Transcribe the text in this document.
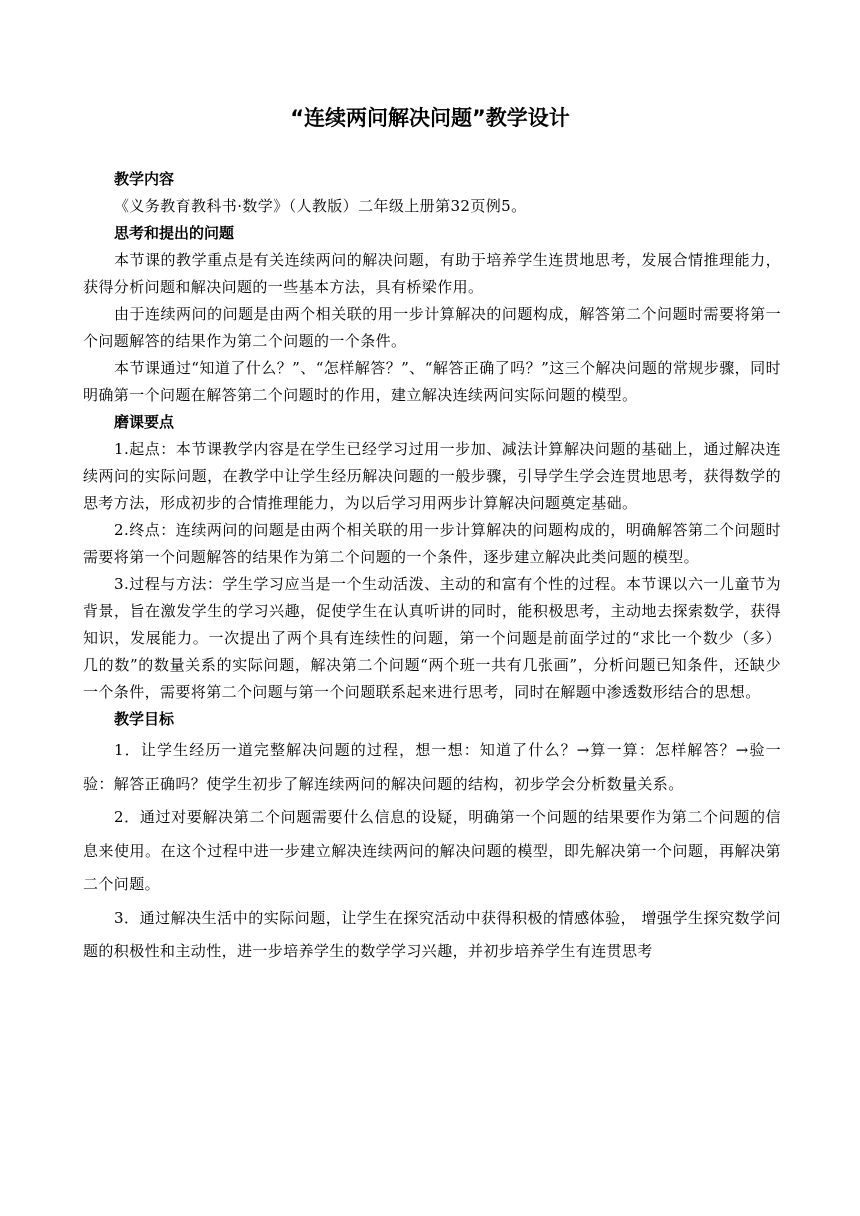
“连续两问解决问题”教学设计
教学内容

《义务教育教科书·数学》（人教版）二年级上册第32页例5。

思考和提出的问题

本节课的教学重点是有关连续两问的解决问题，有助于培养学生连贯地思考，发展合情推理能力，获得分析问题和解决问题的一些基本方法，具有桥梁作用。

由于连续两问的问题是由两个相关联的用一步计算解决的问题构成，解答第二个问题时需要将第一个问题解答的结果作为第二个问题的一个条件。

本节课通过“知道了什么？”、“怎样解答？”、“解答正确了吗？”这三个解决问题的常规步骤，同时明确第一个问题在解答第二个问题时的作用，建立解决连续两问实际问题的模型。

磨课要点

1.起点：本节课教学内容是在学生已经学习过用一步加、减法计算解决问题的基础上，通过解决连续两问的实际问题，在教学中让学生经历解决问题的一般步骤，引导学生学会连贯地思考，获得数学的思考方法，形成初步的合情推理能力，为以后学习用两步计算解决问题奠定基础。

2.终点：连续两问的问题是由两个相关联的用一步计算解决的问题构成的，明确解答第二个问题时需要将第一个问题解答的结果作为第二个问题的一个条件，逐步建立解决此类问题的模型。

3.过程与方法：学生学习应当是一个生动活泼、主动的和富有个性的过程。本节课以六一儿童节为背景，旨在激发学生的学习兴趣，促使学生在认真听讲的同时，能积极思考，主动地去探索数学，获得知识，发展能力。一次提出了两个具有连续性的问题，第一个问题是前面学过的“求比一个数少（多）几的数”的数量关系的实际问题，解决第二个问题“两个班一共有几张画”，分析问题已知条件，还缺少一个条件，需要将第二个问题与第一个问题联系起来进行思考，同时在解题中渗透数形结合的思想。

教学目标

1．让学生经历一道完整解决问题的过程，想一想：知道了什么？→算一算：怎样解答？→验一验：解答正确吗？使学生初步了解连续两问的解决问题的结构，初步学会分析数量关系。

2．通过对要解决第二个问题需要什么信息的设疑，明确第一个问题的结果要作为第二个问题的信息来使用。在这个过程中进一步建立解决连续两问的解决问题的模型，即先解决第一个问题，再解决第二个问题。

3．通过解决生活中的实际问题，让学生在探究活动中获得积极的情感体验， 增强学生探究数学问题的积极性和主动性，进一步培养学生的数学学习兴趣，并初步培养学生有连贯思考
